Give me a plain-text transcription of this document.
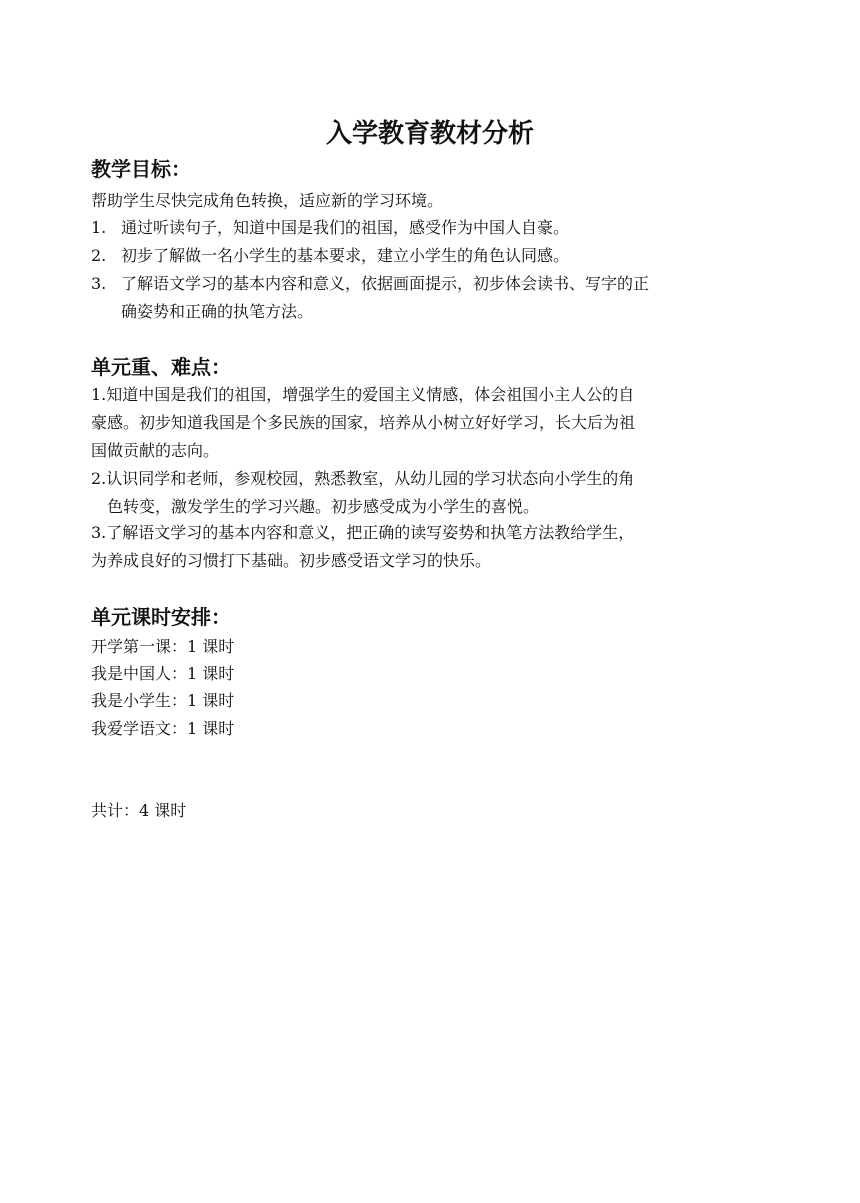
入学教育教材分析
教学目标：
帮助学生尽快完成角色转换，适应新的学习环境。
1. 通过听读句子，知道中国是我们的祖国，感受作为中国人自豪。
2. 初步了解做一名小学生的基本要求，建立小学生的角色认同感。
3. 了解语文学习的基本内容和意义，依据画面提示，初步体会读书、写字的正
确姿势和正确的执笔方法。
单元重、难点：
1.知道中国是我们的祖国，增强学生的爱国主义情感，体会祖国小主人公的自
豪感。初步知道我国是个多民族的国家，培养从小树立好好学习，长大后为祖
国做贡献的志向。
2.认识同学和老师，参观校园，熟悉教室，从幼儿园的学习状态向小学生的角
色转变，激发学生的学习兴趣。初步感受成为小学生的喜悦。
3.了解语文学习的基本内容和意义，把正确的读写姿势和执笔方法教给学生，
为养成良好的习惯打下基础。初步感受语文学习的快乐。
单元课时安排：
开学第一课：1 课时
我是中国人：1 课时
我是小学生：1 课时
我爱学语文：1 课时
共计：4 课时
